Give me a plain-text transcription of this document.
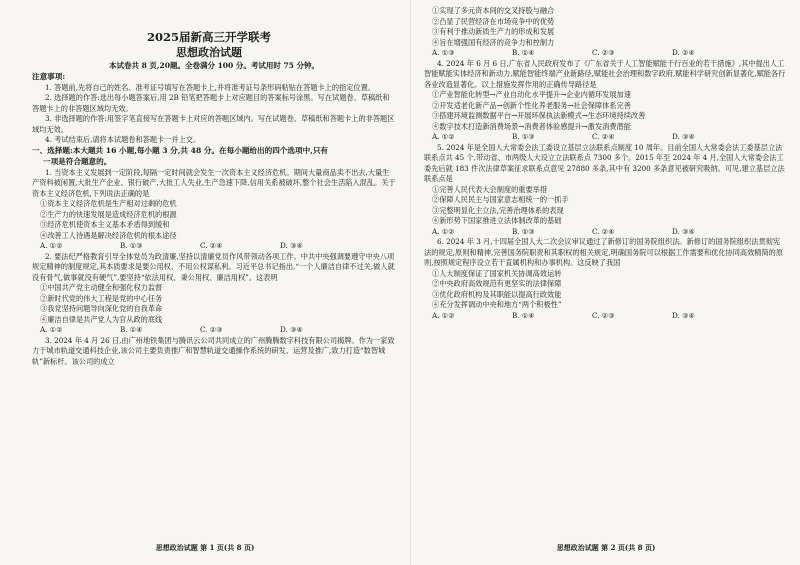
2025届新高三开学联考
思想政治试题
本试卷共 8 页,20题。全卷满分 100 分。考试用时 75 分钟。
注意事项:

1. 答题前,先将自己的姓名、准考证号填写在答题卡上,并将准考证号条形码粘贴在答题卡上的指定位置。

2. 选择题的作答:选出每小题答案后,用 2B 铅笔把答题卡上对应题目的答案标号涂黑。写在试题卷、草稿纸和答题卡上的非答题区域均无效。

3. 非选择题的作答:用签字笔直接写在答题卡上对应的答题区域内。写在试题卷、草稿纸和答题卡上的非答题区域均无效。

4. 考试结束后,请将本试题卷和答题卡一并上交。

一、选择题:本大题共 16 小题,每小题 3 分,共 48 分。在每小题给出的四个选项中,只有
一项是符合题意的。

1. 当资本主义发展到一定阶段,每隔一定时间就会发生一次资本主义经济危机。期间大量商品卖不出去,大量生产资料被闲置,大批生产企业、银行破产,大批工人失业,生产急速下降,信用关系被破坏,整个社会生活陷入混乱。关于资本主义经济危机,下列说法正确的是

①资本主义经济危机是生产相对过剩的危机
②生产力的快速发展是造成经济危机的根源
③经济危机使资本主义基本矛盾得到缓和
④改善工人待遇是解决经济危机的根本途径
A. ①②	B. ①③	C. ②④	D. ③④

2. 要法纪严格教育引导全体党员为政清廉,坚持以清廉党员作风带领动各项工作。中共中央强调要遵守中央八项规定精神的制度规定,其本质要求是要公用权、不用公权谋私利。习近平总书记指出,“一个人廉洁自律不过关,做人就没有骨气,做事就没有硬气”,要坚持“依法用权、秉公用权、廉洁用权”。这表明

①中国共产党主动健全和强化权力监督
②新时代党的伟大工程是党的中心任务
③我党坚持问题导向深化党的自我革命
④廉洁自律是共产党人为官从政的底线
A. ①②	B. ①④	C. ②③	D. ③④

3. 2024 年 4 月 26 日,由广州地铁集团与腾讯云公司共同成立的广州腾腾数字科技有限公司揭牌。作为一家致力于城市轨道交通科技企业,该公司主要负责推广和智慧轨道交通操作系统的研发、运营及推广,致力打造“数智城轨”新标杆。该公司的成立

思想政治试题 第 1 页(共 8 页)
①实现了多元资本间的交叉持股与融合
②凸显了民营经济在市场竞争中的优势
③有利于推动新质生产力的形成和发展
④旨在增强国有经济的竞争力和控制力
A. ①③	B. ①④	C. ②③	D. ②④

4. 2024 年 6 月 6 日,广东省人民政府发布了《广东省关于人工智能赋能千行百业的若干措施》,其中提出人工智能赋能实体经济和新动力,赋能智能终端产业新路径,赋能社会治理和数字政府,赋能科学研究创新显著化,赋能各行各业改造显著化。以上措施发挥作用的正确传导路径是

①产业智能化转型→产业自动化水平提升→企业内循环发展加速
②开发适老化新产品→创新个性化养老服务→社会保障体系完善
③搭建环境监测数据平台→开展环保执法新模式→生态环境持续改善
④数字技术打造新消费场景→消费者体验感提升→激发消费潜能
A. ①②	B. ①③	C. ②④	D. ③④

5. 2024 年是全国人大常委会法工委设立基层立法联系点制度 10 周年。目前全国人大常委会法工委基层立法联系点共 45 个,带动省、市两级人大设立立法联系点 7300 多个。2015 年至 2024 年 4 月,全国人大常委会法工委先后就 183 件次法律草案征求联系点意见 27880 多条,其中有 3200 多条意见被研究吸纳。可见,建立基层立法联系点是

①完善人民代表大会制度的重要举措
②保障人民民主与国家意志相统一的一抓手
③完整明显化主立法,完善治理体系的表现
④新形势下国家推进立法体制改革的基础
A. ①②	B. ①③	C. ②④	D. ③④

6. 2024 年 3 月,十四届全国人大二次会议审议通过了新修订的国务院组织法。新修订的国务院组织法贯彻宪法的规定,原则和精神,完善国务院职责和其职权的相关规定,明确国务院可以根据工作需要和优化协同高效精简的原则,按照规定程序设立若干直属机构和办事机构。这反映了我国

①人大制度保证了国家机关协调高效运转
②中央政府高效规范有更坚实的法律保障
③优化政府机构及其职能以提高行政效能
④充分发挥调动中央和地方“两个积极性”
A. ①②	B. ①④	C. ②③	D. ③④
思想政治试题 第 2 页(共 8 页)
